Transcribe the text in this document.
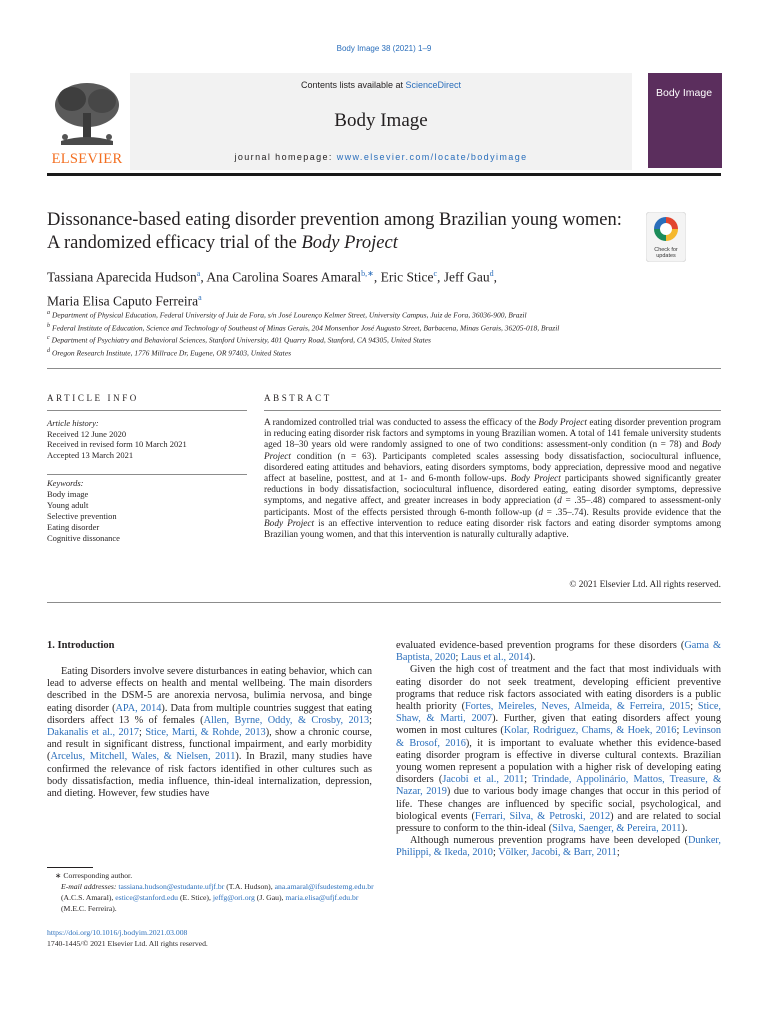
Body Image 38 (2021) 1–9
ELSEVIER
Contents lists available at ScienceDirect
Body Image
journal homepage: www.elsevier.com/locate/bodyimage
Body Image
Dissonance-based eating disorder prevention among Brazilian young women: A randomized efficacy trial of the Body Project	Check for
updates
Tassiana Aparecida Hudson$^a$, Ana Carolina Soares Amaral$^{b,∗}$, Eric Stice$^c$, Jeff Gau$^d$,
Maria Elisa Caputo Ferreira$^a$
$^a$ Department of Physical Education, Federal University of Juiz de Fora, s/n José Lourenço Kelmer Street, University Campus, Juiz de Fora, 36036-900, Brazil
$^b$ Federal Institute of Education, Science and Technology of Southeast of Minas Gerais, 204 Monsenhor José Augusto Street, Barbacena, Minas Gerais, 36205-018, Brazil
$^c$ Department of Psychiatry and Behavioral Sciences, Stanford University, 401 Quarry Road, Stanford, CA 94305, United States
$^d$ Oregon Research Institute, 1776 Millrace Dr, Eugene, OR 97403, United States
ARTICLE INFO	ABSTRACT
Article history:
Received 12 June 2020
Received in revised form 10 March 2021
Accepted 13 March 2021
Keywords:
Body image
Young adult
Selective prevention
Eating disorder
Cognitive dissonance
A randomized controlled trial was conducted to assess the efficacy of the Body Project eating disorder prevention program in reducing eating disorder risk factors and symptoms in young Brazilian women. A total of 141 female university students aged 18–30 years old were randomly assigned to one of two conditions: assessment-only condition (n = 78) and Body Project condition (n = 63). Participants completed scales assessing body dissatisfaction, sociocultural influence, disordered eating attitudes and behaviors, eating disorders symptoms, body appreciation, depressive mood and negative affect at baseline, posttest, and at 1- and 6-month follow-ups. Body Project participants showed significantly greater reductions in body dissatisfaction, sociocultural influence, disordered eating, eating disorder symptoms, depressive symptoms, and negative affect, and greater increases in body appreciation (d = .35–.48) compared to assessment-only participants. Most of the effects persisted through 6-month follow-up (d = .35–.74). Results provide evidence that the Body Project is an effective intervention to reduce eating disorder risk factors and eating disorder symptoms among Brazilian young women, and that this intervention is naturally culturally adaptive.
© 2021 Elsevier Ltd. All rights reserved.
1. Introduction

Eating Disorders involve severe disturbances in eating behavior, which can lead to adverse effects on health and mental wellbeing. The main disorders described in the DSM-5 are anorexia nervosa, bulimia nervosa, and binge eating disorder (APA, 2014). Data from multiple countries suggest that eating disorders affect 13 % of females (Allen, Byrne, Oddy, & Crosby, 2013; Dakanalis et al., 2017; Stice, Marti, & Rohde, 2013), show a chronic course, and result in significant distress, functional impairment, and early morbidity (Arcelus, Mitchell, Wales, & Nielsen, 2011). In Brazil, many studies have confirmed the relevance of risk factors identified in other cultures such as body dissatisfaction, media influence, thin-ideal internalization, depression, and dieting. However, few studies have

evaluated evidence-based prevention programs for these disorders (Gama & Baptista, 2020; Laus et al., 2014).

Given the high cost of treatment and the fact that most individuals with eating disorder do not seek treatment, developing efficient preventive programs that reduce risk factors associated with eating disorders is a public health priority (Fortes, Meireles, Neves, Almeida, & Ferreira, 2015; Stice, Shaw, & Marti, 2007). Further, given that eating disorders affect young women in most cultures (Kolar, Rodriguez, Chams, & Hoek, 2016; Levinson & Brosof, 2016), it is important to evaluate whether this evidence-based eating disorder program is effective in diverse cultural contexts. Brazilian young women represent a population with a higher risk of developing eating disorders (Jacobi et al., 2011; Trindade, Appolinário, Mattos, Treasure, & Nazar, 2019) due to various body image changes that occur in this period of life. These changes are influenced by specific social, psychological, and biological events (Ferrari, Silva, & Petroski, 2012) and are related to social pressure to conform to the thin-ideal (Silva, Saenger, & Pereira, 2011).

Although numerous prevention programs have been developed (Dunker, Philippi, & Ikeda, 2010; Völker, Jacobi, & Barr, 2011;

∗ Corresponding author.
E-mail addresses: tassiana.hudson@estudante.ufjf.br (T.A. Hudson), ana.amaral@ifsudestemg.edu.br (A.C.S. Amaral), estice@stanford.edu (E. Stice), jeffg@ori.org (J. Gau), maria.elisa@ufjf.edu.br (M.E.C. Ferreira).
https://doi.org/10.1016/j.bodyim.2021.03.008
1740-1445/© 2021 Elsevier Ltd. All rights reserved.
